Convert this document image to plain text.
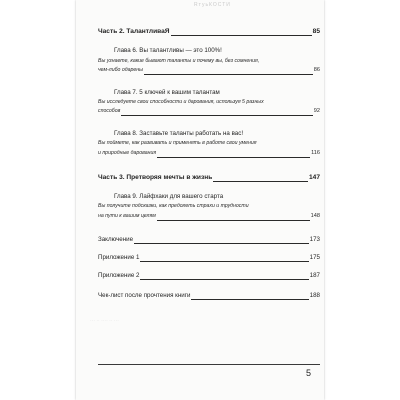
RтуьКОСТИ
··· ·· ···· ·· ···
Часть 2. ТалантливаЯ	85
Глава 6. Вы талантливы — это 100%!
Вы узнаете, какие бывают таланты и почему вы, без сомнения,
чем-либо одарены	86
Глава 7. 5 ключей к вашим талантам
Вы исследуете свои способности и дарования, используя 5 разных
способов	92
Глава 8. Заставьте таланты работать на вас!
Вы поймете, как развивать и применять в работе свои умения
и природные дарования	116
Часть 3. Претворяя мечты в жизнь	147
Глава 9. Лайфхаки для вашего старта
Вы получите подсказки, как предолеть страхи и трудности
на пути к вашим целям	148
Заключение	173
Приложение 1	175
Приложение 2	187
Чек-лист после прочтения книги	188
5
